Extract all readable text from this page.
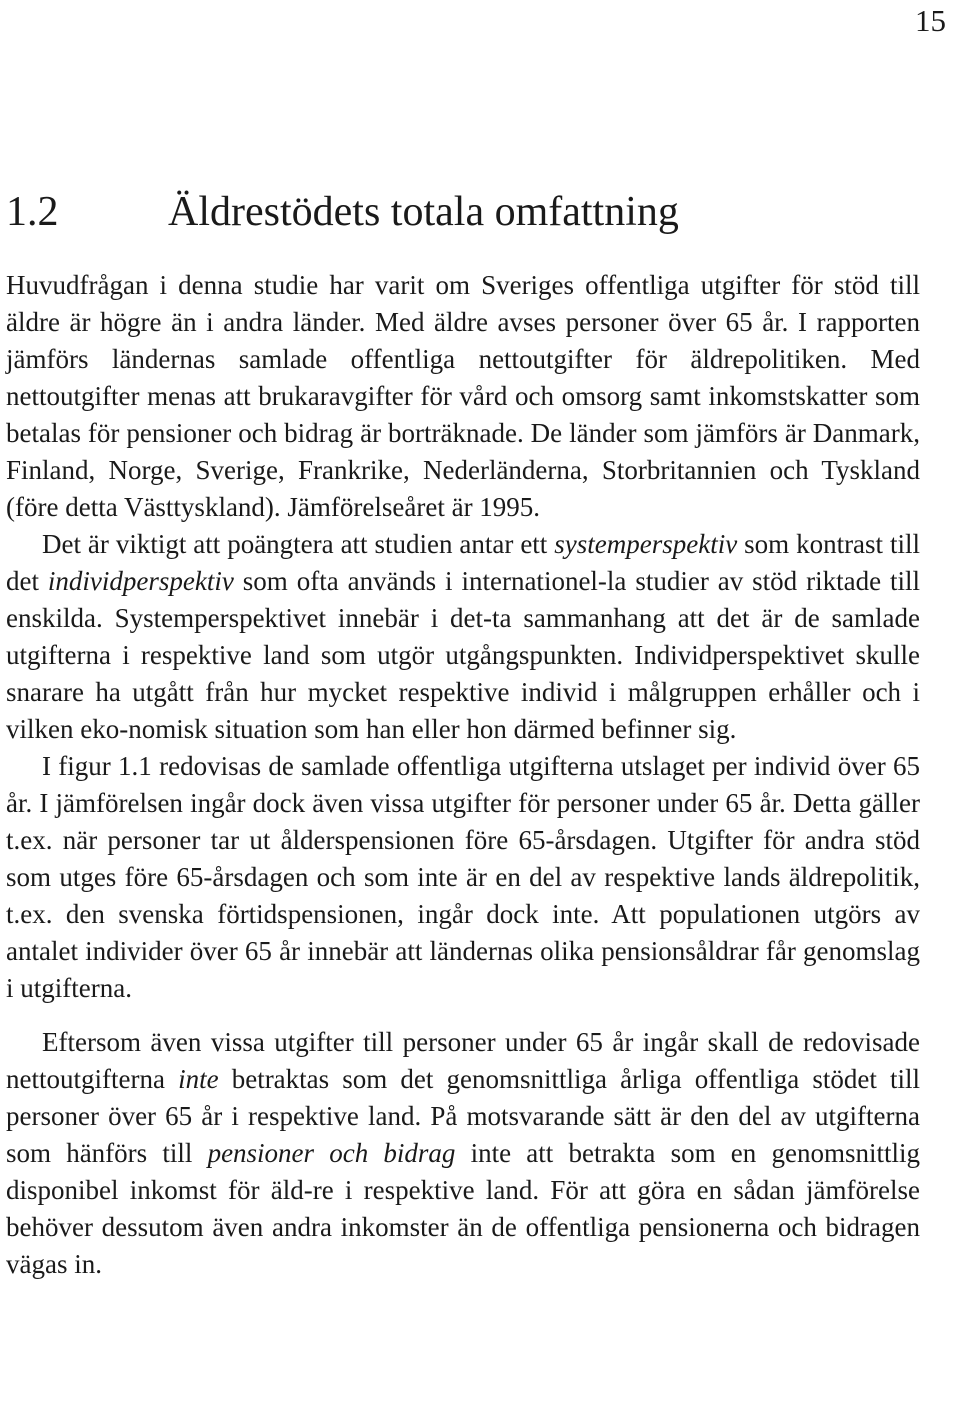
15
1.2	Äldrestödets totala omfattning

Huvudfrågan i denna studie har varit om Sveriges offentliga utgifter för stöd till äldre är högre än i andra länder. Med äldre avses personer över 65 år. I rapporten jämförs ländernas samlade offentliga nettoutgifter för äldrepolitiken. Med nettoutgifter menas att brukaravgifter för vård och omsorg samt inkomstskatter som betalas för pensioner och bidrag är borträknade. De länder som jämförs är Danmark, Finland, Norge, Sverige, Frankrike, Nederländerna, Storbritannien och Tyskland (före detta Västtyskland). Jämförelseåret är 1995.

Det är viktigt att poängtera att studien antar ett systemperspektiv som kontrast till det individperspektiv som ofta används i internationel-la studier av stöd riktade till enskilda. Systemperspektivet innebär i det-ta sammanhang att det är de samlade utgifterna i respektive land som utgör utgångspunkten. Individperspektivet skulle snarare ha utgått från hur mycket respektive individ i målgruppen erhåller och i vilken eko-nomisk situation som han eller hon därmed befinner sig.

I figur 1.1 redovisas de samlade offentliga utgifterna utslaget per individ över 65 år. I jämförelsen ingår dock även vissa utgifter för personer under 65 år. Detta gäller t.ex. när personer tar ut ålderspensionen före 65-årsdagen. Utgifter för andra stöd som utges före 65-årsdagen och som inte är en del av respektive lands äldrepolitik, t.ex. den svenska förtidspensionen, ingår dock inte. Att populationen utgörs av antalet individer över 65 år innebär att ländernas olika pensionsåldrar får genomslag i utgifterna.

Eftersom även vissa utgifter till personer under 65 år ingår skall de redovisade nettoutgifterna inte betraktas som det genomsnittliga årliga offentliga stödet till personer över 65 år i respektive land. På motsvarande sätt är den del av utgifterna som hänförs till pensioner och bidrag inte att betrakta som en genomsnittlig disponibel inkomst för äld-re i respektive land. För att göra en sådan jämförelse behöver dessutom även andra inkomster än de offentliga pensionerna och bidragen vägas in.
